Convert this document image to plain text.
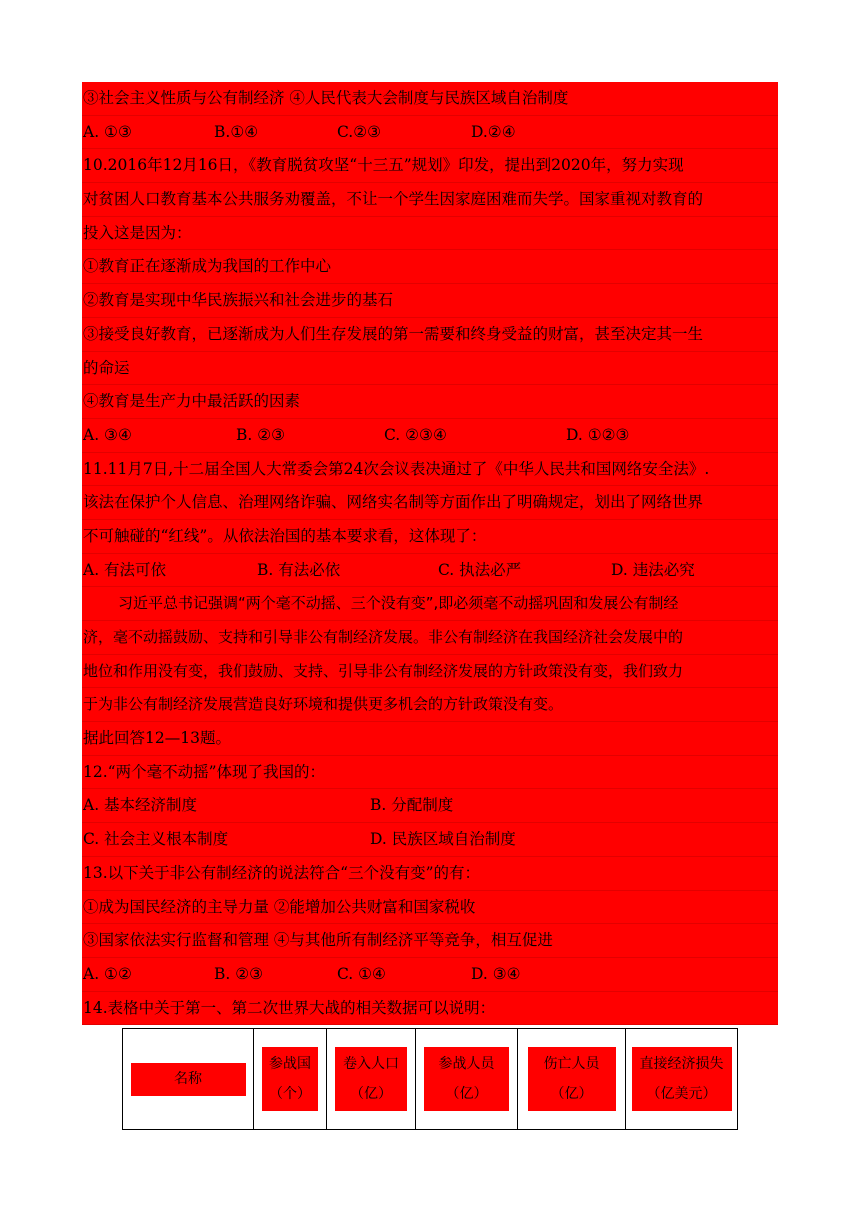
③社会主义性质与公有制经济 ④人民代表大会制度与民族区域自治制度
A. ①③	B.①④	C.②③	D.②④
10.2016年12月16日，《教育脱贫攻坚“十三五”规划》印发，提出到2020年，努力实现
对贫困人口教育基本公共服务劝覆盖，不让一个学生因家庭困难而失学。国家重视对教育的
投入这是因为：
①教育正在逐渐成为我国的工作中心
②教育是实现中华民族振兴和社会进步的基石
③接受良好教育，已逐渐成为人们生存发展的第一需要和终身受益的财富，甚至决定其一生
的命运
④教育是生产力中最活跃的因素
A. ③④	B. ②③	C. ②③④	D. ①②③
11.11月7日,十二届全国人大常委会第24次会议表决通过了《中华人民共和国网络安全法》.
该法在保护个人信息、治理网络诈骗、网络实名制等方面作出了明确规定，划出了网络世界
不可触碰的“红线”。从依法治国的基本要求看，这体现了：
A. 有法可依	B. 有法必依	C. 执法必严	D. 违法必究
习近平总书记强调“两个毫不动摇、三个没有变”,即必须毫不动摇巩固和发展公有制经
济，毫不动摇鼓励、支持和引导非公有制经济发展。非公有制经济在我国经济社会发展中的
地位和作用没有变，我们鼓励、支持、引导非公有制经济发展的方针政策没有变，我们致力
于为非公有制经济发展营造良好环境和提供更多机会的方针政策没有变。
据此回答12—13题。
12.“两个毫不动摇”体现了我国的：
A. 基本经济制度	B. 分配制度
C. 社会主义根本制度	D. 民族区域自治制度
13.以下关于非公有制经济的说法符合“三个没有变”的有：
①成为国民经济的主导力量 ②能增加公共财富和国家税收
③国家依法实行监督和管理 ④与其他所有制经济平等竞争，相互促进
A. ①②	B. ②③	C. ①④	D. ③④
14.表格中关于第一、第二次世界大战的相关数据可以说明：
名称	参战国（个）	卷入人口（亿）	参战人员（亿）	伤亡人员（亿）	直接经济损失（亿美元）
